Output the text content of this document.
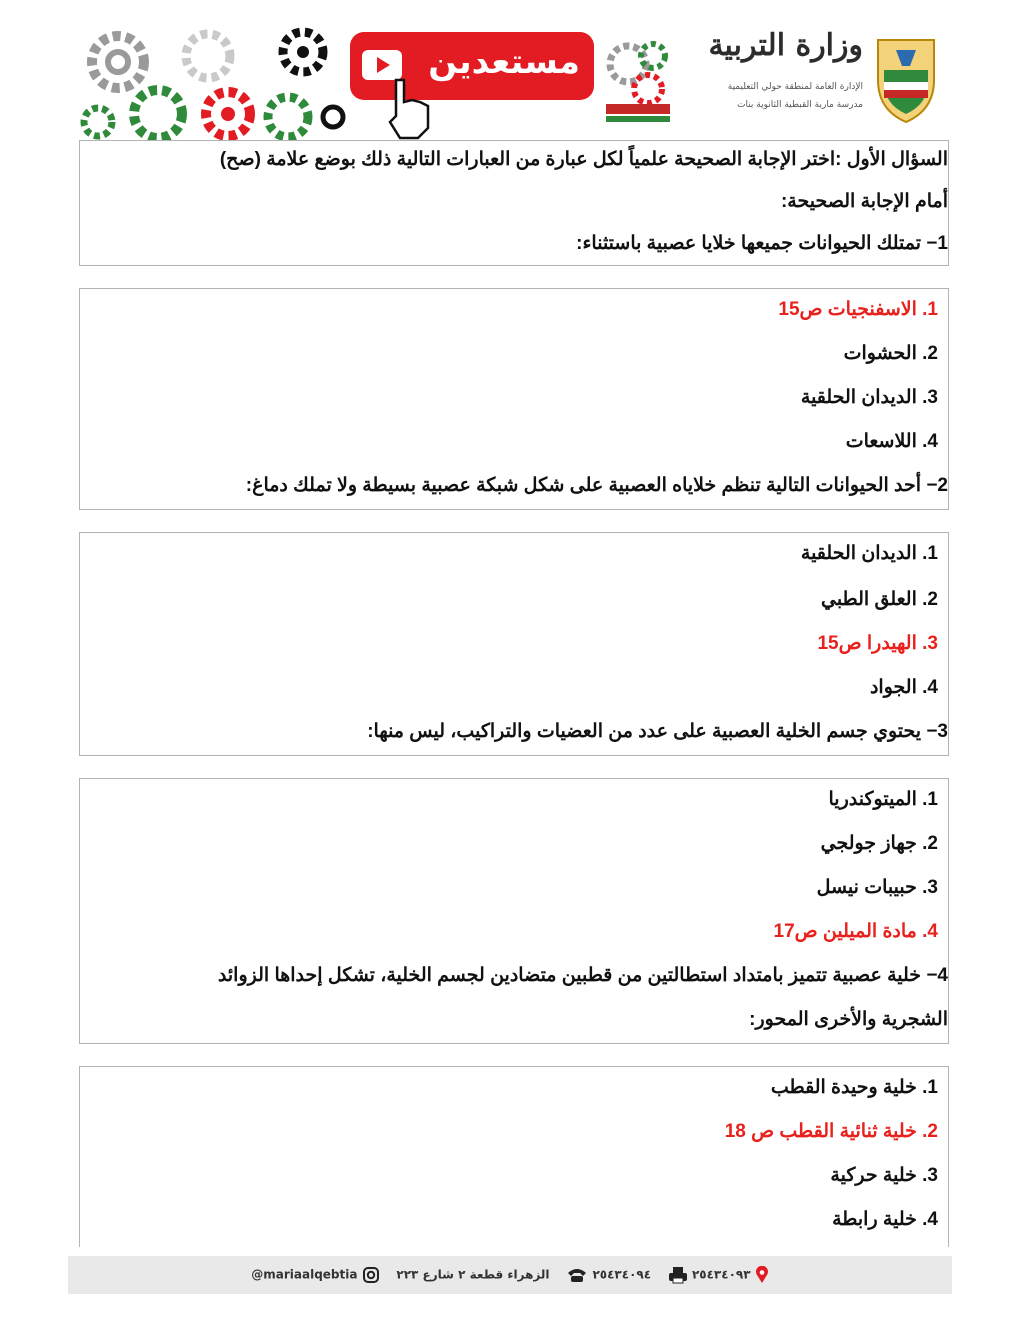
مستعدين	وزارة التربية
الإدارة العامة لمنطقة حولي التعليمية
مدرسة مارية القبطية الثانوية بنات
السؤال الأول :اختر الإجابة الصحيحة علمياً لكل عبارة من العبارات التالية ذلك بوضع علامة (صح)
أمام الإجابة الصحيحة:
1− تمتلك الحيوانات جميعها خلايا عصبية باستثناء:
1. الاسفنجيات ص15
2. الحشوات
3. الديدان الحلقية
4. اللاسعات
2− أحد الحيوانات التالية تنظم خلاياه العصبية على شكل شبكة عصبية بسيطة ولا تملك دماغ:
1. الديدان الحلقية
2. العلق الطبي
3. الهيدرا ص15
4. الجواد
3− يحتوي جسم الخلية العصبية على عدد من العضيات والتراكيب، ليس منها:
1. الميتوكندريا
2. جهاز جولجي
3. حبيبات نيسل
4. مادة الميلين ص17
4− خلية عصبية تتميز بامتداد استطالتين من قطبين متضادين لجسم الخلية، تشكل إحداها الزوائد
الشجرية والأخرى المحور:
1. خلية وحيدة القطب
2. خلية ثنائية القطب ص 18
3. خلية حركية
4. خلية رابطة
@mariaalqebtia	٢٥٤٣٤٠٩٣     ٢٥٤٣٤٠٩٤     الزهراء قطعة ٢ شارع ٢٢٣
